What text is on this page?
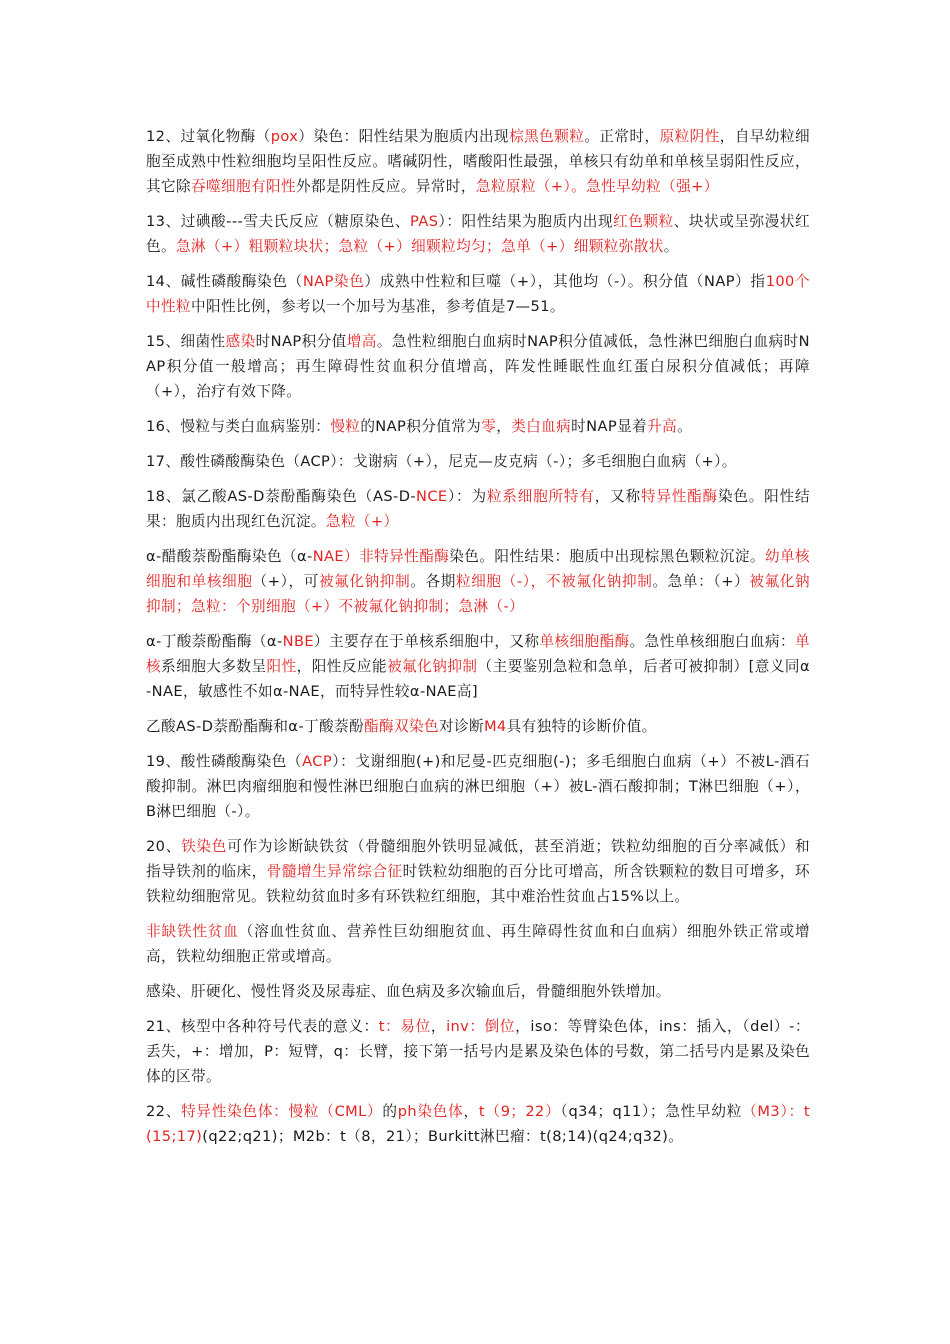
12、过氧化物酶（pox）染色：阳性结果为胞质内出现棕黑色颗粒。正常时，原粒阴性，自早幼粒细胞至成熟中性粒细胞均呈阳性反应。嗜碱阴性，嗜酸阳性最强，单核只有幼单和单核呈弱阳性反应，其它除吞噬细胞有阳性外都是阴性反应。异常时，急粒原粒（+）。急性早幼粒（强+）

13、过碘酸---雪夫氏反应（糖原染色、PAS）：阳性结果为胞质内出现红色颗粒、块状或呈弥漫状红色。急淋（+）粗颗粒块状；急粒（+）细颗粒均匀；急单（+）细颗粒弥散状。

14、碱性磷酸酶染色（NAP染色）成熟中性粒和巨噬（+），其他均（-）。积分值（NAP）指100个中性粒中阳性比例，参考以一个加号为基准，参考值是7—51。

15、细菌性感染时NAP积分值增高。急性粒细胞白血病时NAP积分值减低，急性淋巴细胞白血病时NAP积分值一般增高；再生障碍性贫血积分值增高，阵发性睡眠性血红蛋白尿积分值减低；再障（+），治疗有效下降。

16、慢粒与类白血病鉴别：慢粒的NAP积分值常为零，类白血病时NAP显着升高。

17、酸性磷酸酶染色（ACP）：戈谢病（+），尼克—皮克病（-）；多毛细胞白血病（+）。

18、氯乙酸AS-D萘酚酯酶染色（AS-D-NCE）：为粒系细胞所特有，又称特异性酯酶染色。阳性结果：胞质内出现红色沉淀。急粒（+）

α-醋酸萘酚酯酶染色（α-NAE）非特异性酯酶染色。阳性结果：胞质中出现棕黑色颗粒沉淀。幼单核细胞和单核细胞（+），可被氟化钠抑制。各期粒细胞（-），不被氟化钠抑制。急单：（+）被氟化钠抑制；急粒：个别细胞（+）不被氟化钠抑制；急淋（-）

α-丁酸萘酚酯酶（α-NBE）主要存在于单核系细胞中，又称单核细胞酯酶。急性单核细胞白血病：单核系细胞大多数呈阳性，阳性反应能被氟化钠抑制（主要鉴别急粒和急单，后者可被抑制）[意义同α-NAE，敏感性不如α-NAE，而特异性较α-NAE高]

乙酸AS-D萘酚酯酶和α-丁酸萘酚酯酶双染色对诊断M4具有独特的诊断价值。

19、酸性磷酸酶染色（ACP）：戈谢细胞(+)和尼曼-匹克细胞(-)；多毛细胞白血病（+）不被L-酒石酸抑制。淋巴肉瘤细胞和慢性淋巴细胞白血病的淋巴细胞（+）被L-酒石酸抑制；T淋巴细胞（+），B淋巴细胞（-）。

20、铁染色可作为诊断缺铁贫（骨髓细胞外铁明显减低，甚至消逝；铁粒幼细胞的百分率减低）和指导铁剂的临床，骨髓增生异常综合征时铁粒幼细胞的百分比可增高，所含铁颗粒的数目可增多，环铁粒幼细胞常见。铁粒幼贫血时多有环铁粒红细胞，其中难治性贫血占15%以上。

非缺铁性贫血（溶血性贫血、营养性巨幼细胞贫血、再生障碍性贫血和白血病）细胞外铁正常或增高，铁粒幼细胞正常或增高。

感染、肝硬化、慢性肾炎及尿毒症、血色病及多次输血后，骨髓细胞外铁增加。

21、核型中各种符号代表的意义：t：易位，inv：倒位，iso：等臂染色体，ins：插入，（del）-：丢失，+：增加，P：短臂，q：长臂，接下第一括号内是累及染色体的号数，第二括号内是累及染色体的区带。

22、特异性染色体：慢粒（CML）的ph染色体，t（9；22）（q34；q11）；急性早幼粒（M3）：t(15;17)(q22;q21)；M2b：t（8，21）；Burkitt淋巴瘤：t(8;14)(q24;q32)。
